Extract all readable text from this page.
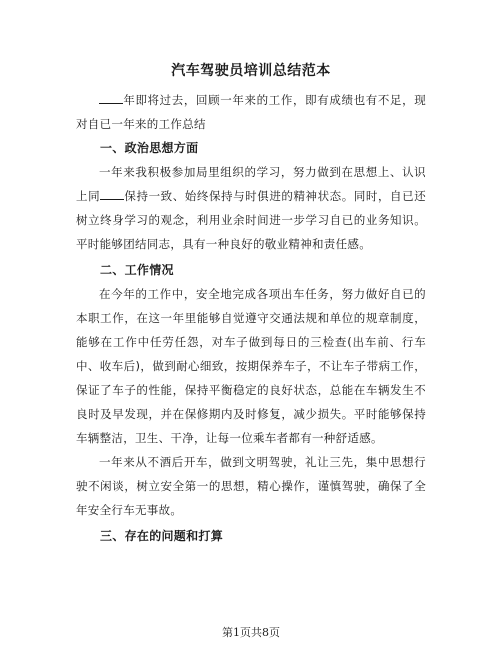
汽车驾驶员培训总结范本

年即将过去，回顾一年来的工作，即有成绩也有不足，现对自已一年来的工作总结

一、政治思想方面

一年来我积极参加局里组织的学习，努力做到在思想上、认识上同 保持一致、始终保持与时俱进的精神状态。同时，自已还树立终身学习的观念，利用业余时间进一步学习自已的业务知识。平时能够团结同志，具有一种良好的敬业精神和责任感。

二、工作情况

在今年的工作中，安全地完成各项出车任务，努力做好自已的本职工作，在这一年里能够自觉遵守交通法规和单位的规章制度，能够在工作中任劳任怨，对车子做到每日的三检查(出车前、行车中、收车后)，做到耐心细致，按期保养车子，不让车子带病工作，保证了车子的性能，保持平衡稳定的良好状态，总能在车辆发生不良时及早发现，并在保修期内及时修复，减少损失。平时能够保持车辆整洁，卫生、干净，让每一位乘车者都有一种舒适感。

一年来从不酒后开车，做到文明驾驶，礼让三先，集中思想行驶不闲谈，树立安全第一的思想，精心操作，谨慎驾驶，确保了全年安全行车无事故。

三、存在的问题和打算
第1页共8页
